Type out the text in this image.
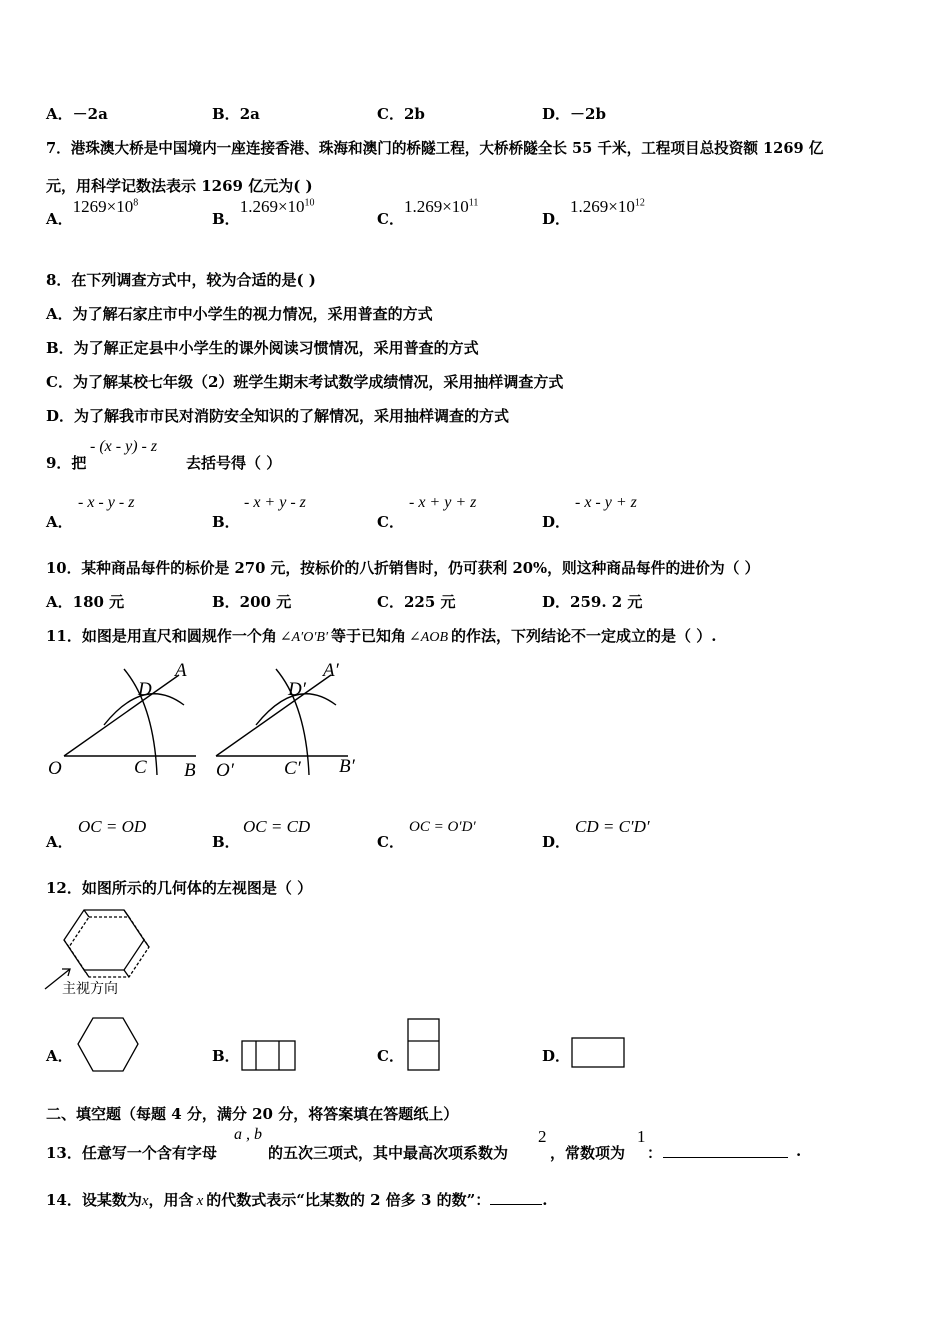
A．－2a	B．2a	C．2b	D．－2b
7．港珠澳大桥是中国境内一座连接香港、珠海和澳门的桥隧工程，大桥桥隧全长 55 千米，工程项目总投资额 1269 亿
元，用科学记数法表示 1269 亿元为( )
A．$1269\times 10^8$
B．$1.269\times 10^{10}$
C．$1.269\times 10^{11}$
D．$1.269\times 10^{12}$
8．在下列调查方式中，较为合适的是( )
A．为了解石家庄市中小学生的视力情况，采用普查的方式
B．为了解正定县中小学生的课外阅读习惯情况，采用普查的方式
C．为了解某校七年级（2）班学生期末考试数学成绩情况，采用抽样调查方式
D．为了解我市市民对消防安全知识的了解情况，采用抽样调查的方式
9．把
- (x - y) - z
去括号得（ ）
A．
- x - y - z
B．
- x + y - z
C．
- x + y + z
D．
- x - y + z
10．某种商品每件的标价是 270 元，按标价的八折销售时，仍可获利 20%，则这种商品每件的进价为（ ）
A．180 元	B．200 元	C．225 元	D．259. 2 元
11．如图是用直尺和圆规作一个角 ∠A′O′B′ 等于已知角 ∠AOB 的作法，下列结论不一定成立的是（ ）.
O	C B
D
A
O′	C′ B′
D′
A′
A．
OC = OD
B．
OC = CD
C．
OC = O′D′
D．
CD = C′D′
12．如图所示的几何体的左视图是（ ）
主视方向
A．	B．	C．	D．
二、填空题（每题 4 分，满分 20 分，将答案填在答题纸上）
13．任意写一个含有字母
a , b
的五次三项式，其中最高次项系数为
2
，常数项为
1
：	.
14．设某数为x，用含 x 的代数式表示“比某数的 2 倍多 3 的数”：	.
